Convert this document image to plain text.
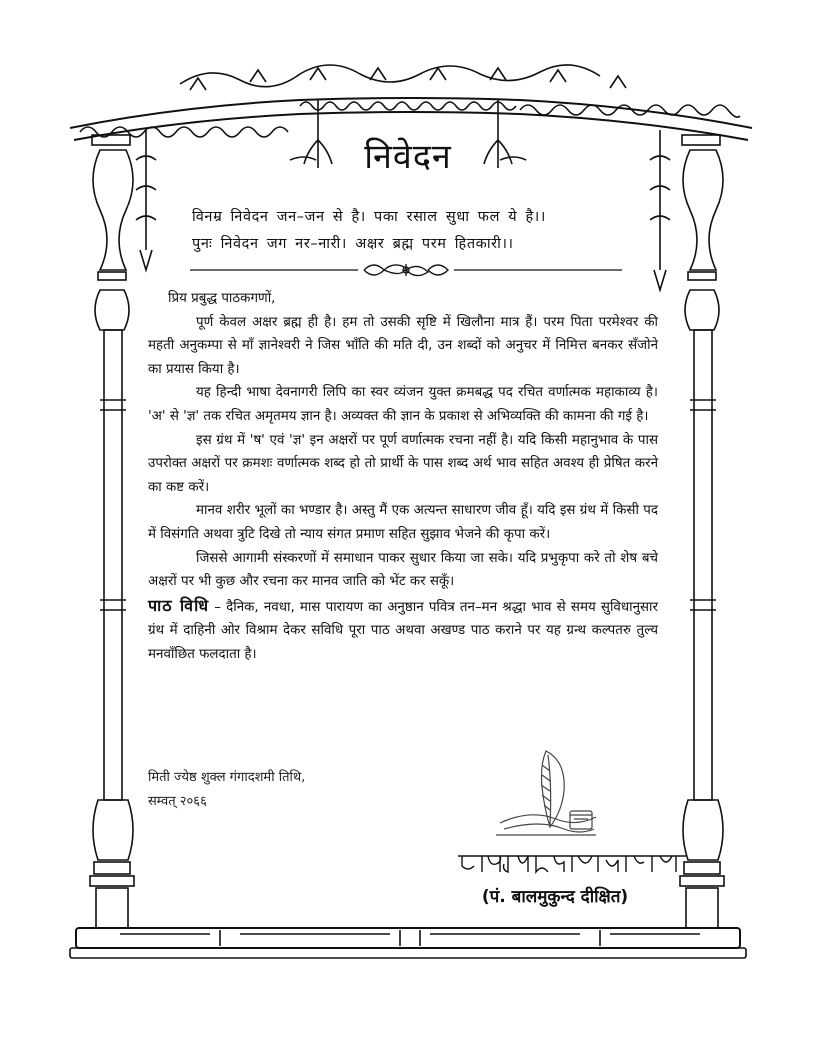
निवेदन
विनम्र निवेदन जन–जन से है। पका रसाल सुधा फल ये है।।
पुनः निवेदन जग नर–नारी। अक्षर ब्रह्म परम हितकारी।।

प्रिय प्रबुद्ध पाठकगणों,

पूर्ण केवल अक्षर ब्रह्म ही है। हम तो उसकी सृष्टि में खिलौना मात्र हैं। परम पिता परमेश्वर की महती अनुकम्पा से माँ ज्ञानेश्वरी ने जिस भाँति की मति दी, उन शब्दों को अनुचर में निमित्त बनकर सँजोने का प्रयास किया है।

यह हिन्दी भाषा देवनागरी लिपि का स्वर व्यंजन युक्त क्रमबद्ध पद रचित वर्णात्मक महाकाव्य है। 'अ' से 'ज्ञ' तक रचित अमृतमय ज्ञान है। अव्यक्त की ज्ञान के प्रकाश से अभिव्यक्ति की कामना की गई है।

इस ग्रंथ में 'ष' एवं 'ज्ञ' इन अक्षरों पर पूर्ण वर्णात्मक रचना नहीं है। यदि किसी महानुभाव के पास उपरोक्त अक्षरों पर क्रमशः वर्णात्मक शब्द हो तो प्रार्थी के पास शब्द अर्थ भाव सहित अवश्य ही प्रेषित करने का कष्ट करें।

मानव शरीर भूलों का भण्डार है। अस्तु मैं एक अत्यन्त साधारण जीव हूँ। यदि इस ग्रंथ में किसी पद में विसंगति अथवा त्रुटि दिखे तो न्याय संगत प्रमाण सहित सुझाव भेजने की कृपा करें।

जिससे आगामी संस्करणों में समाधान पाकर सुधार किया जा सके। यदि प्रभुकृपा करे तो शेष बचे अक्षरों पर भी कुछ और रचना कर मानव जाति को भेंट कर सकूँ।

पाठ विधि – दैनिक, नवधा, मास पारायण का अनुष्ठान पवित्र तन–मन श्रद्धा भाव से समय सुविधानुसार ग्रंथ में दाहिनी ओर विश्राम देकर सविधि पूरा पाठ अथवा अखण्ड पाठ कराने पर यह ग्रन्थ कल्पतरु तुल्य मनवाँछित फलदाता है।

मिती ज्येष्ठ शुक्ल गंगादशमी तिथि,
सम्वत् २०६६
(पं. बालमुकुन्द दीक्षित)
